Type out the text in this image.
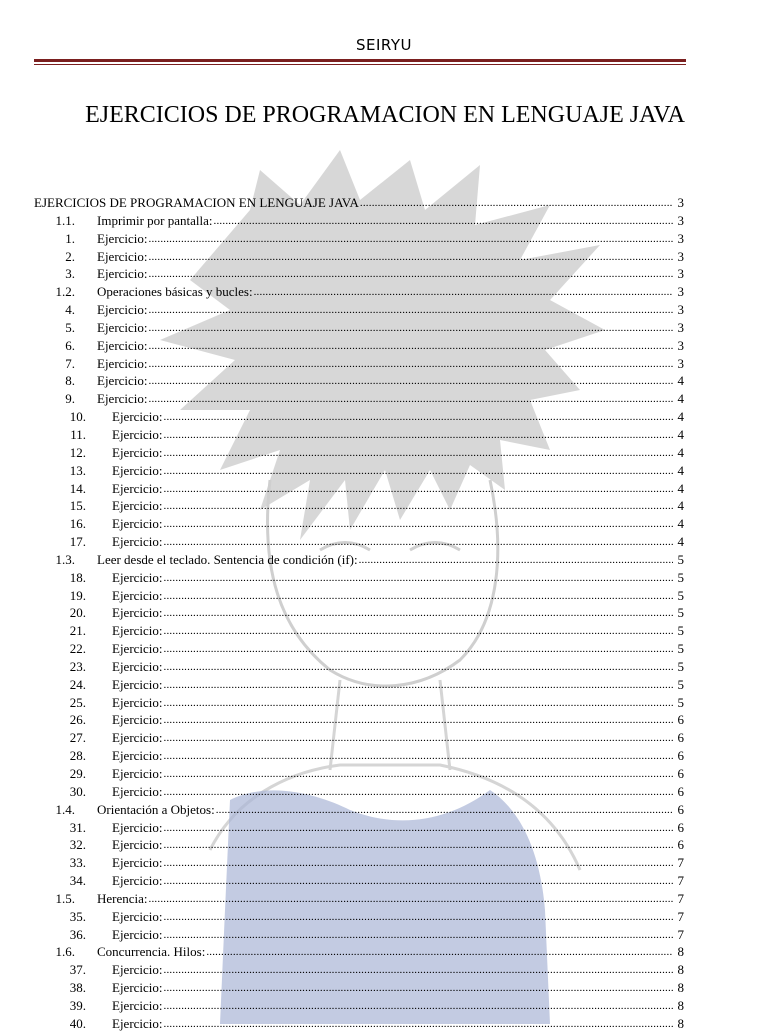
SEIRYU
EJERCICIOS DE PROGRAMACION EN LENGUAJE JAVA
EJERCICIOS DE PROGRAMACION EN LENGUAJE JAVA .....	3
1.1. Imprimir por pantalla: .....	3
1. Ejercicio: .....	3
2. Ejercicio: .....	3
3. Ejercicio: .....	3
1.2. Operaciones básicas y bucles: .....	3
4. Ejercicio: .....	3
5. Ejercicio: .....	3
6. Ejercicio: .....	3
7. Ejercicio: .....	3
8. Ejercicio: .....	4
9. Ejercicio: .....	4
10. Ejercicio: .....	4
11. Ejercicio: .....	4
12. Ejercicio: .....	4
13. Ejercicio: .....	4
14. Ejercicio: .....	4
15. Ejercicio: .....	4
16. Ejercicio: .....	4
17. Ejercicio: .....	4
1.3. Leer desde el teclado. Sentencia de condición (if): .....	5
18. Ejercicio: .....	5
19. Ejercicio: .....	5
20. Ejercicio: .....	5
21. Ejercicio: .....	5
22. Ejercicio: .....	5
23. Ejercicio: .....	5
24. Ejercicio: .....	5
25. Ejercicio: .....	5
26. Ejercicio: .....	6
27. Ejercicio: .....	6
28. Ejercicio: .....	6
29. Ejercicio: .....	6
30. Ejercicio: .....	6
1.4. Orientación a Objetos: .....	6
31. Ejercicio: .....	6
32. Ejercicio: .....	6
33. Ejercicio: .....	7
34. Ejercicio: .....	7
1.5. Herencia: .....	7
35. Ejercicio: .....	7
36. Ejercicio: .....	7
1.6. Concurrencia. Hilos: .....	8
37. Ejercicio: .....	8
38. Ejercicio: .....	8
39. Ejercicio: .....	8
40. Ejercicio: .....	8
